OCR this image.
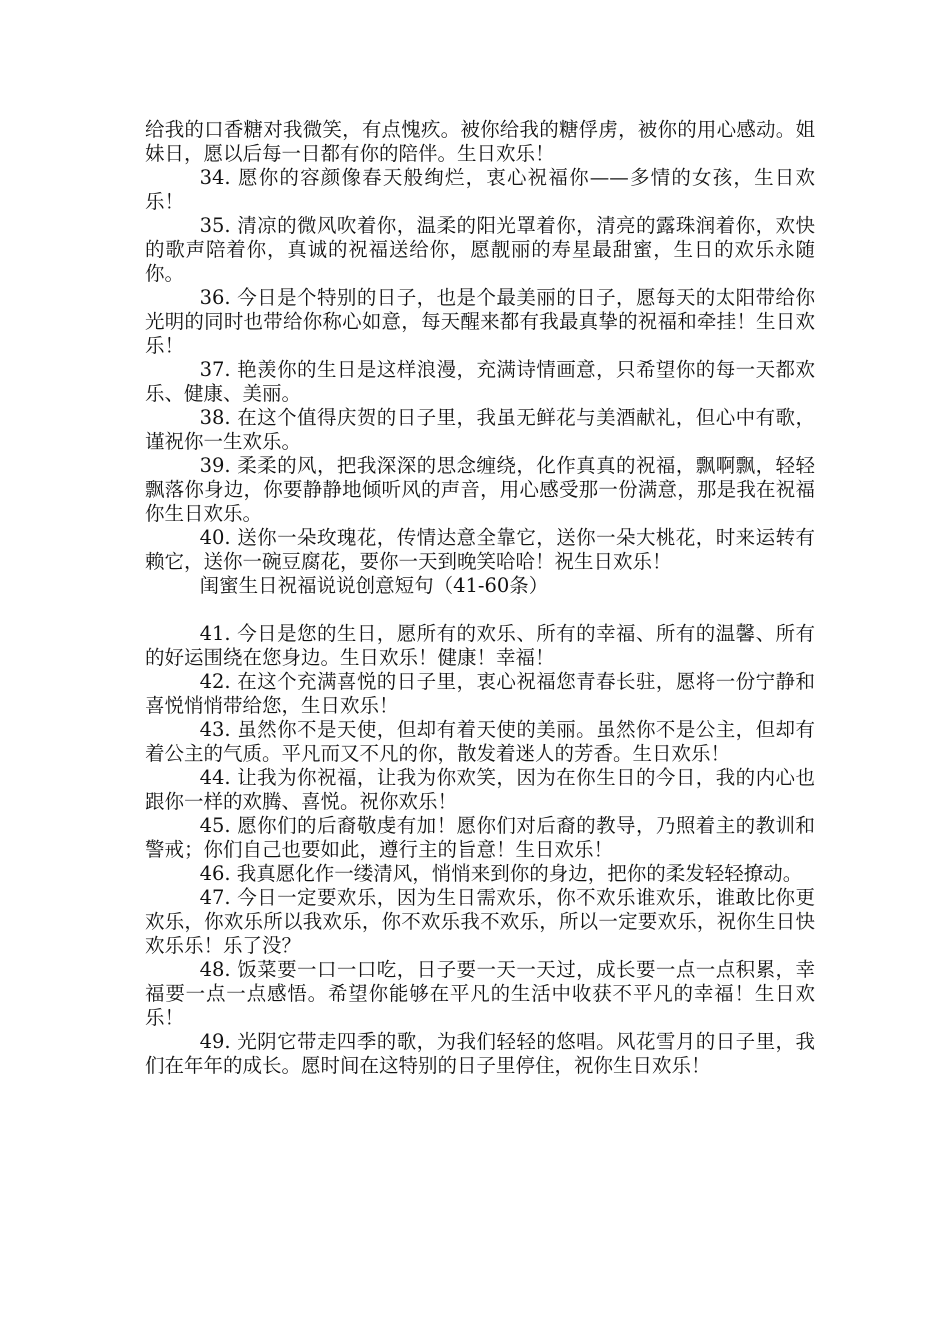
给我的口香糖对我微笑，有点愧疚。被你给我的糖俘虏，被你的用心感动。姐妹日，愿以后每一日都有你的陪伴。生日欢乐！

34. 愿你的容颜像春天般绚烂，衷心祝福你——多情的女孩，生日欢乐！

35. 清凉的微风吹着你，温柔的阳光罩着你，清亮的露珠润着你，欢快的歌声陪着你，真诚的祝福送给你，愿靓丽的寿星最甜蜜，生日的欢乐永随你。

36. 今日是个特别的日子，也是个最美丽的日子，愿每天的太阳带给你光明的同时也带给你称心如意，每天醒来都有我最真挚的祝福和牵挂！生日欢乐！

37. 艳羡你的生日是这样浪漫，充满诗情画意，只希望你的每一天都欢乐、健康、美丽。

38. 在这个值得庆贺的日子里，我虽无鲜花与美酒献礼，但心中有歌，谨祝你一生欢乐。

39. 柔柔的风，把我深深的思念缠绕，化作真真的祝福，飘啊飘，轻轻飘落你身边，你要静静地倾听风的声音，用心感受那一份满意，那是我在祝福你生日欢乐。

40. 送你一朵玫瑰花，传情达意全靠它，送你一朵大桃花，时来运转有赖它，送你一碗豆腐花，要你一天到晚笑哈哈！祝生日欢乐！

闺蜜生日祝福说说创意短句（41-60条）

41. 今日是您的生日，愿所有的欢乐、所有的幸福、所有的温馨、所有的好运围绕在您身边。生日欢乐！健康！幸福！

42. 在这个充满喜悦的日子里，衷心祝福您青春长驻，愿将一份宁静和喜悦悄悄带给您，生日欢乐！

43. 虽然你不是天使，但却有着天使的美丽。虽然你不是公主，但却有着公主的气质。平凡而又不凡的你，散发着迷人的芳香。生日欢乐！

44. 让我为你祝福，让我为你欢笑，因为在你生日的今日，我的内心也跟你一样的欢腾、喜悦。祝你欢乐！

45. 愿你们的后裔敬虔有加！愿你们对后裔的教导，乃照着主的教训和警戒；你们自己也要如此，遵行主的旨意！生日欢乐！

46. 我真愿化作一缕清风，悄悄来到你的身边，把你的柔发轻轻撩动。

47. 今日一定要欢乐，因为生日需欢乐，你不欢乐谁欢乐，谁敢比你更欢乐，你欢乐所以我欢乐，你不欢乐我不欢乐，所以一定要欢乐，祝你生日快欢乐乐！乐了没？

48. 饭菜要一口一口吃，日子要一天一天过，成长要一点一点积累，幸福要一点一点感悟。希望你能够在平凡的生活中收获不平凡的幸福！生日欢乐！

49. 光阴它带走四季的歌，为我们轻轻的悠唱。风花雪月的日子里，我们在年年的成长。愿时间在这特别的日子里停住，祝你生日欢乐！
